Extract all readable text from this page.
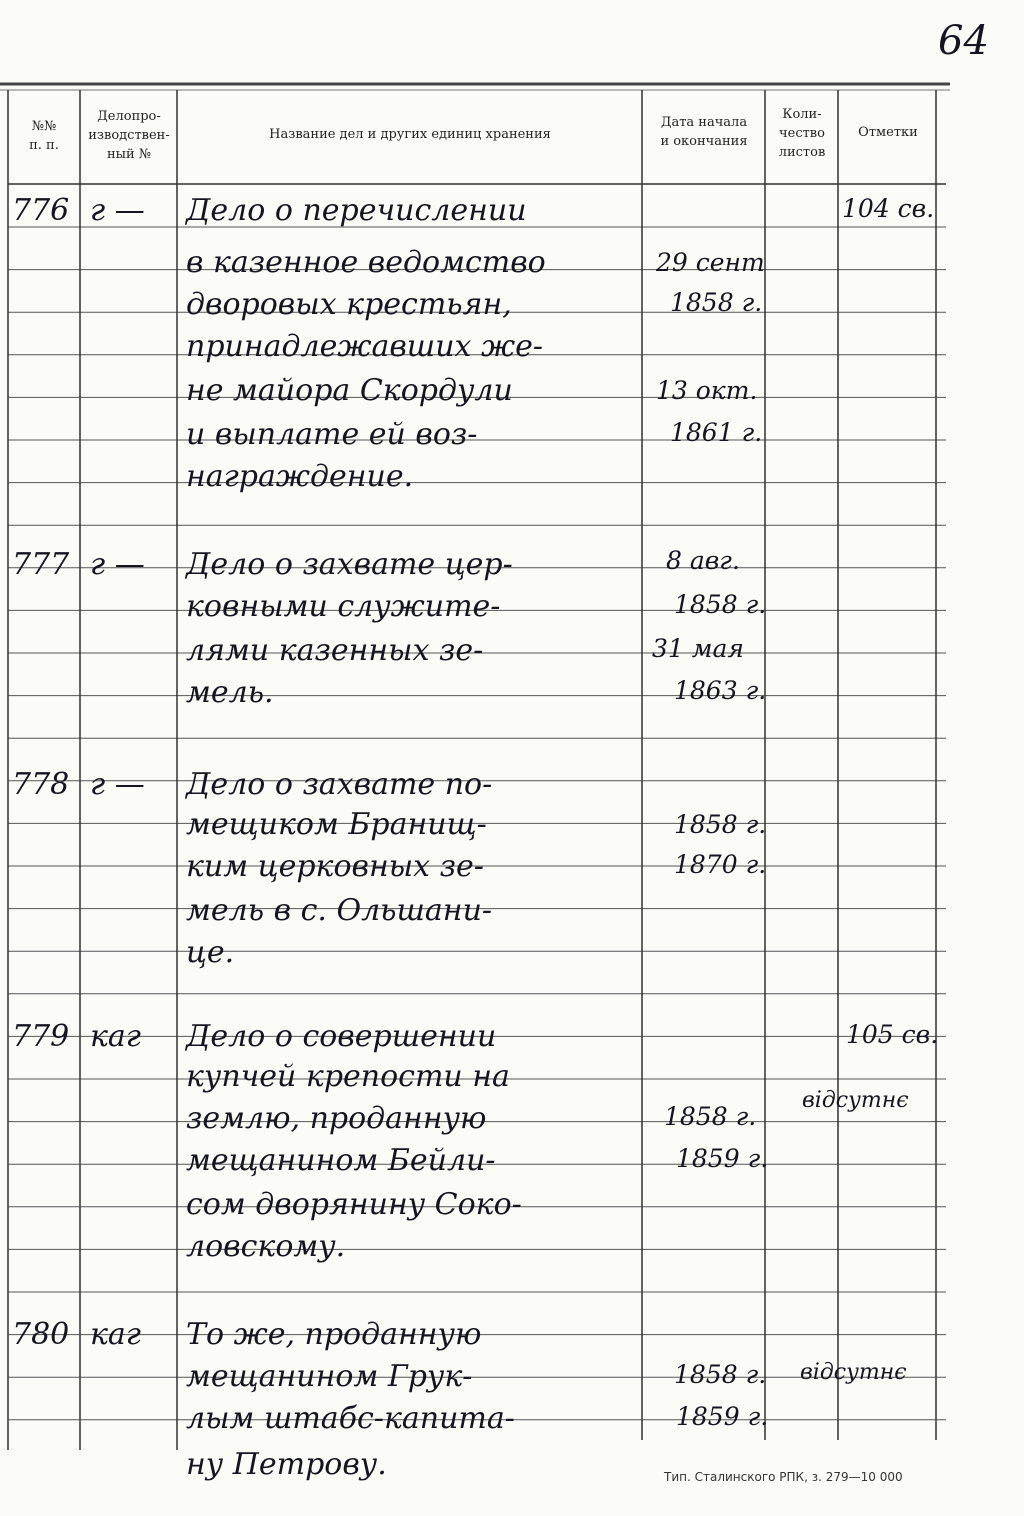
64
№№
п. п.
Делопро-
изводствен-
ный №
Название дел и других единиц хранения
Дата начала
и окончания
Коли-
чество
листов
Отметки
776 г — Дело о перечислении
в казенное ведомство
дворовых крестьян,
принадлежавших же-
не майора Скордули
и выплате ей воз-
награждение.
29 сент
1858 г.
13 окт.
1861 г.
104 св.
777 г — Дело о захвате цер-
ковными служите-
лями казенных зе-
мель.
8 авг.
1858 г.
31 мая
1863 г.
778 г — Дело о захвате по-
мещиком Бранищ-
ким церковных зе-
мель в с. Ольшани-
це.
1858 г.
1870 г.
779 каг Дело о совершении
купчей крепости на
землю, проданную
мещанином Бейли-
сом дворянину Соко-
ловскому.
1858 г.
1859 г.
105 св.
відсутнє
780 каг То же, проданную
мещанином Грук-
лым штабс-капита-
ну Петрову.
1858 г.
1859 г.
відсутнє
Тип. Сталинского РПК, з. 279—10 000
